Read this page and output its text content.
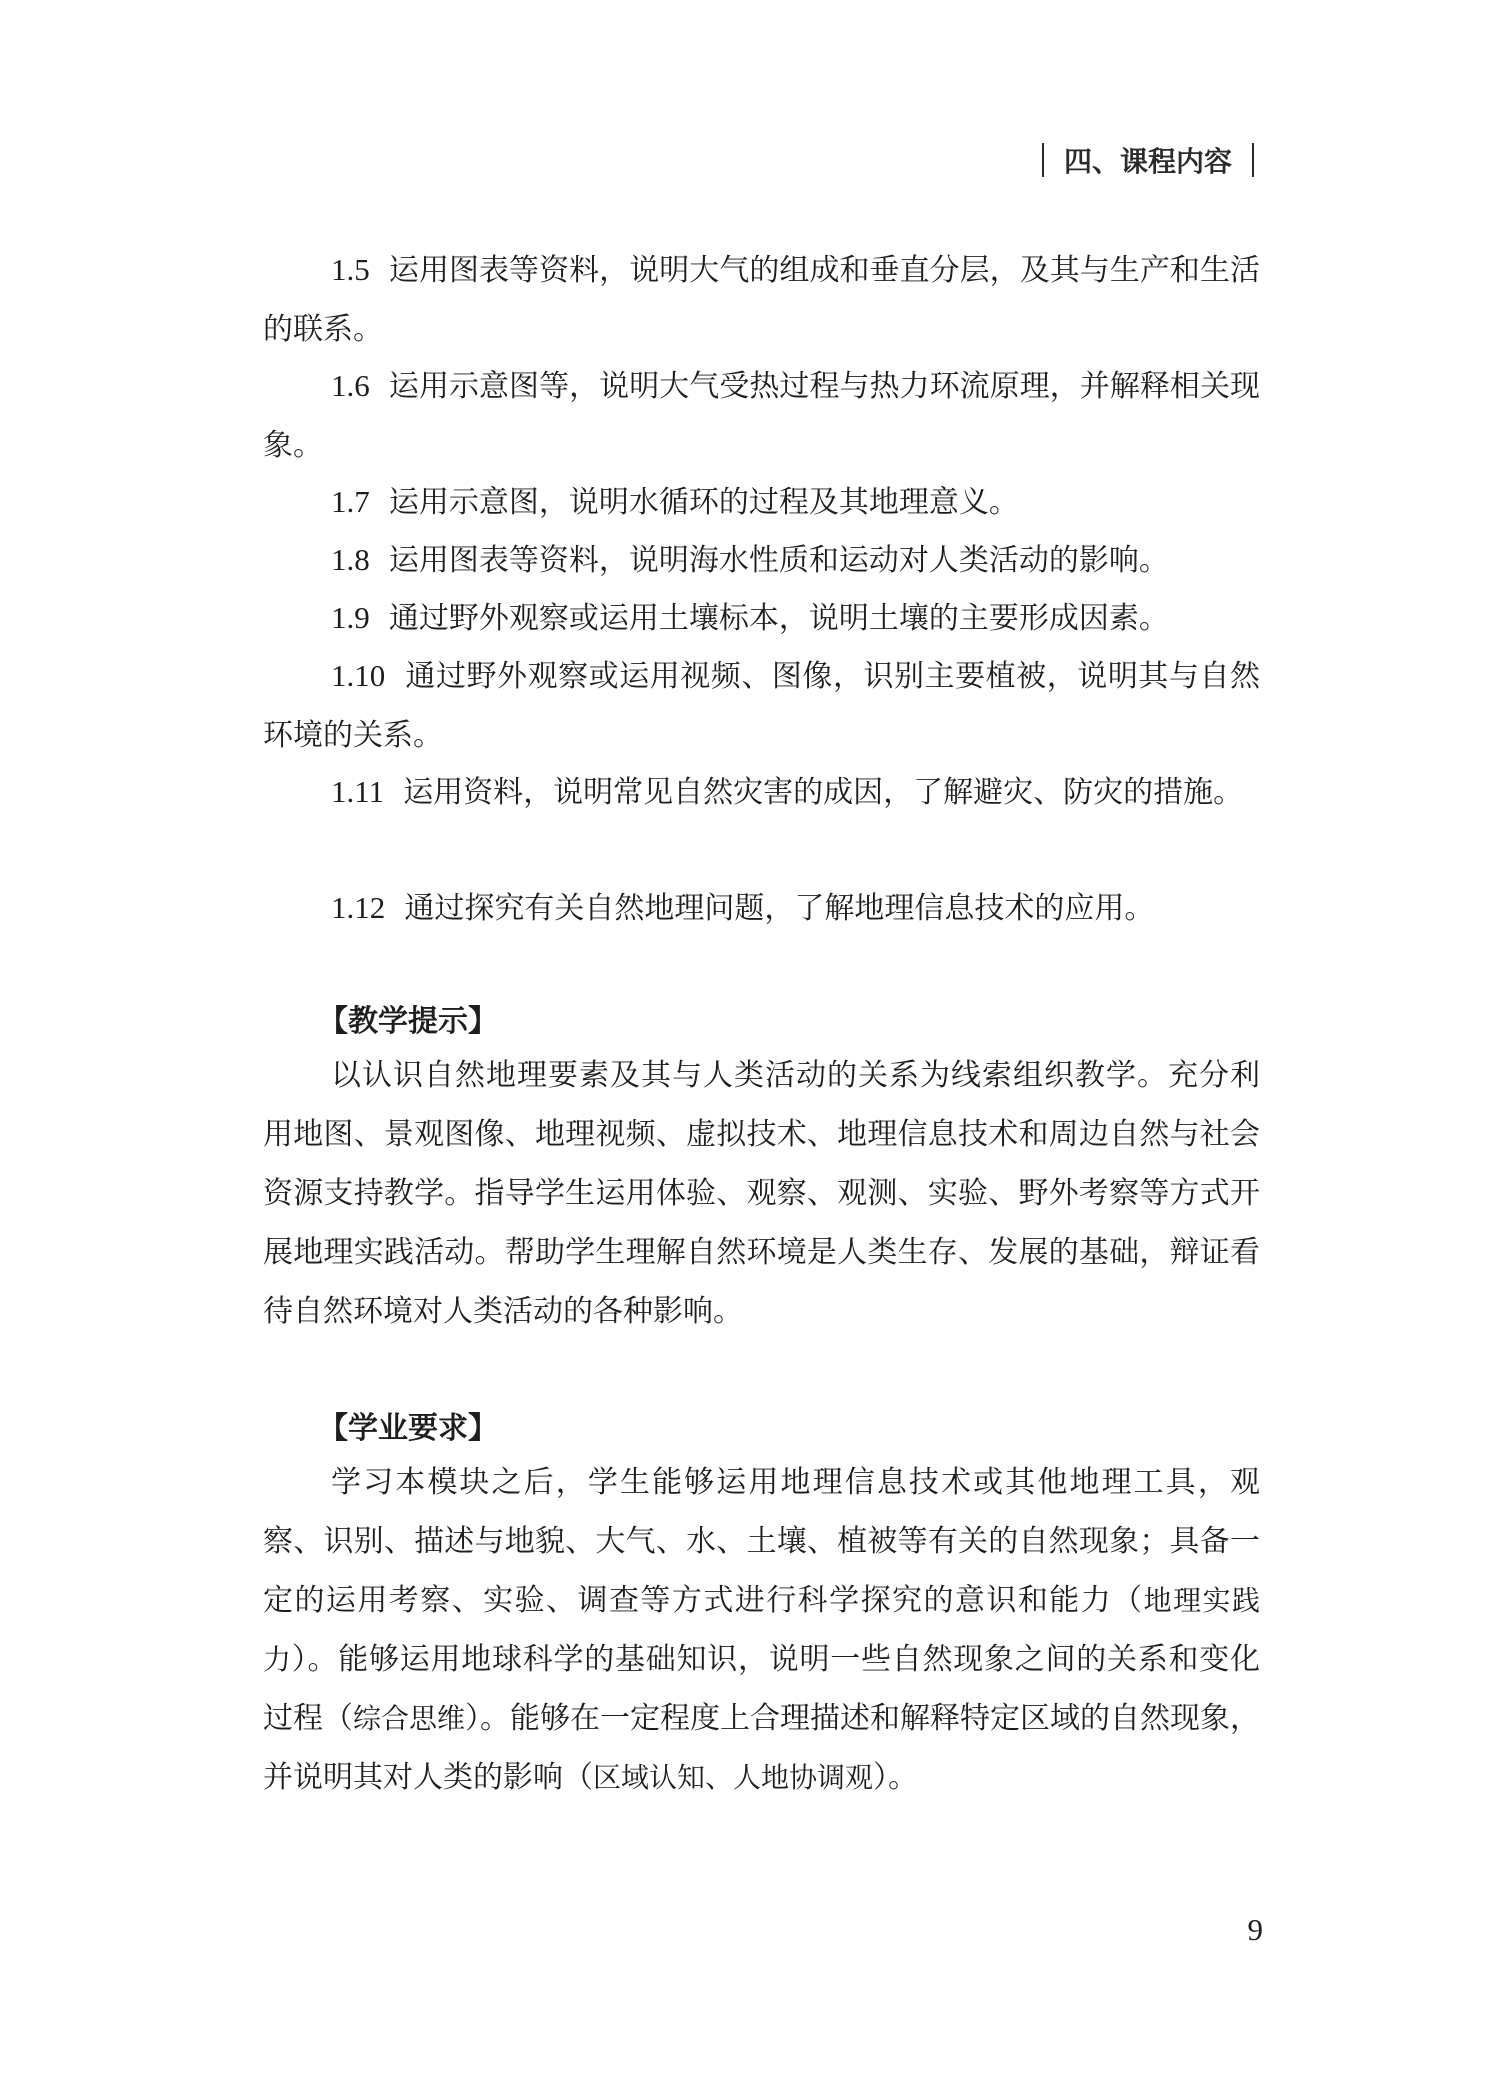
四、课程内容
1.5 运用图表等资料，说明大气的组成和垂直分层，及其与生产和生活的联系。
1.6 运用示意图等，说明大气受热过程与热力环流原理，并解释相关现象。
1.7 运用示意图，说明水循环的过程及其地理意义。
1.8 运用图表等资料，说明海水性质和运动对人类活动的影响。
1.9 通过野外观察或运用土壤标本，说明土壤的主要形成因素。
1.10 通过野外观察或运用视频、图像，识别主要植被，说明其与自然环境的关系。
1.11 运用资料，说明常见自然灾害的成因，了解避灾、防灾的措施。
1.12 通过探究有关自然地理问题，了解地理信息技术的应用。
【教学提示】
以认识自然地理要素及其与人类活动的关系为线索组织教学。充分利用地图、景观图像、地理视频、虚拟技术、地理信息技术和周边自然与社会资源支持教学。指导学生运用体验、观察、观测、实验、野外考察等方式开展地理实践活动。帮助学生理解自然环境是人类生存、发展的基础，辩证看待自然环境对人类活动的各种影响。
【学业要求】
学习本模块之后，学生能够运用地理信息技术或其他地理工具，观察、识别、描述与地貌、大气、水、土壤、植被等有关的自然现象；具备一定的运用考察、实验、调查等方式进行科学探究的意识和能力（地理实践力）。能够运用地球科学的基础知识，说明一些自然现象之间的关系和变化过程（综合思维）。能够在一定程度上合理描述和解释特定区域的自然现象，并说明其对人类的影响（区域认知、人地协调观）。
9
